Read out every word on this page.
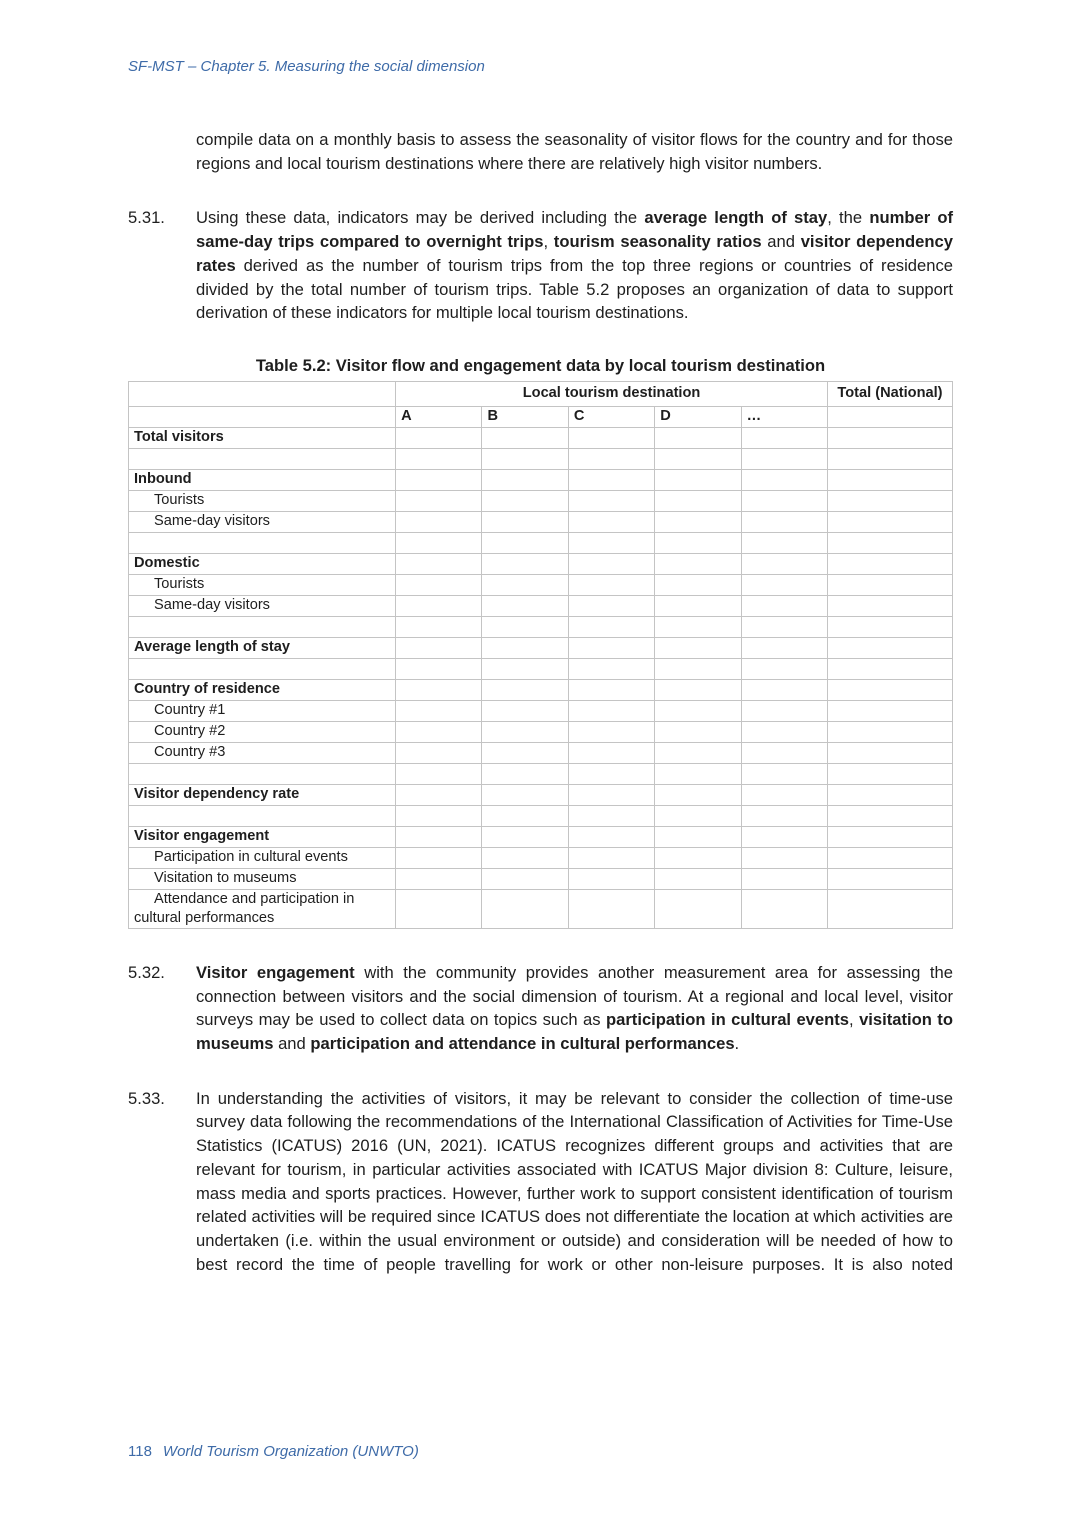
SF-MST – Chapter 5. Measuring the social dimension
compile data on a monthly basis to assess the seasonality of visitor flows for the country and for those regions and local tourism destinations where there are relatively high visitor numbers.
5.31.	Using these data, indicators may be derived including the average length of stay, the number of same-day trips compared to overnight trips, tourism seasonality ratios and visitor dependency rates derived as the number of tourism trips from the top three regions or countries of residence divided by the total number of tourism trips. Table 5.2 proposes an organization of data to support derivation of these indicators for multiple local tourism destinations.
Table 5.2: Visitor flow and engagement data by local tourism destination
	Local tourism destination					Total (National)
	A	B	C	D	…	
Total visitors						

Inbound						
Tourists						
Same-day visitors						

Domestic						
Tourists						
Same-day visitors						

Average length of stay						

Country of residence						
Country #1						
Country #2						
Country #3						

Visitor dependency rate						

Visitor engagement						
Participation in cultural events						
Visitation to museums						
Attendance and participation in cultural performances						
5.32.	Visitor engagement with the community provides another measurement area for assessing the connection between visitors and the social dimension of tourism. At a regional and local level, visitor surveys may be used to collect data on topics such as participation in cultural events, visitation to museums and participation and attendance in cultural performances.
5.33.	In understanding the activities of visitors, it may be relevant to consider the collection of time-use survey data following the recommendations of the International Classification of Activities for Time-Use Statistics (ICATUS) 2016 (UN, 2021). ICATUS recognizes different groups and activities that are relevant for tourism, in particular activities associated with ICATUS Major division 8: Culture, leisure, mass media and sports practices. However, further work to support consistent identification of tourism related activities will be required since ICATUS does not differentiate the location at which activities are undertaken (i.e. within the usual environment or outside) and consideration will be needed of how to best record the time of people travelling for work or other non-leisure purposes. It is also noted
118 World Tourism Organization (UNWTO)
